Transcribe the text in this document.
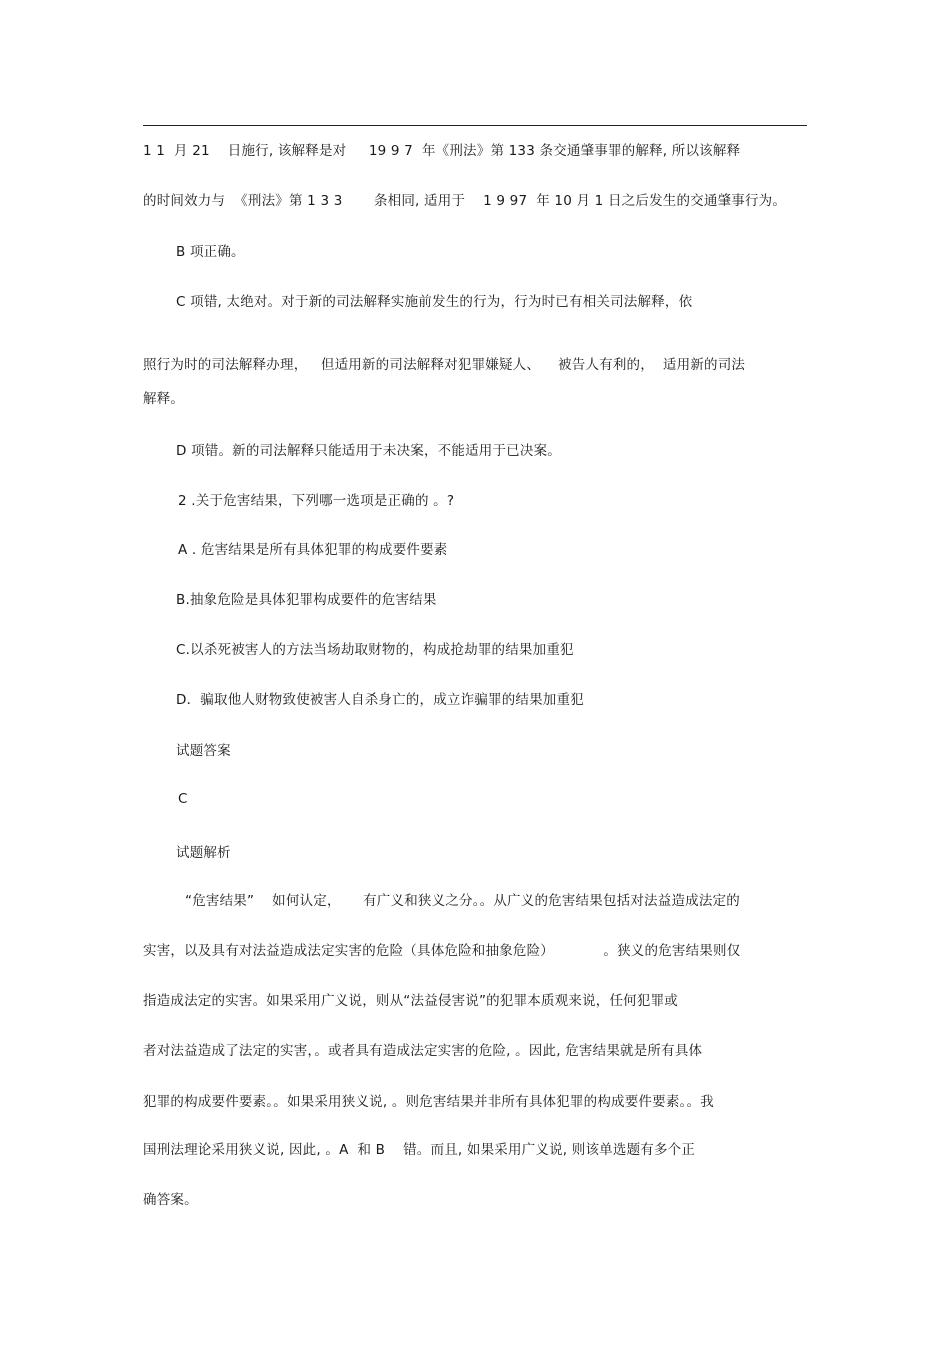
1 1  月 21    日施行, 该解释是对     19 9 7  年《刑法》第 133 条交通肇事罪的解释, 所以该解释
的时间效力与  《刑法》第 1 3 3       条相同, 适用于    1 9 97  年 10 月 1 日之后发生的交通肇事行为。
B 项正确。
C 项错, 太绝对。对于新的司法解释实施前发生的行为，行为时已有相关司法解释，依
照行为时的司法解释办理，   但适用新的司法解释对犯罪嫌疑人、    被告人有利的，  适用新的司法
解释。
D 项错。新的司法解释只能适用于未决案，不能适用于已决案。
2 .关于危害结果，下列哪一选项是正确的 。?
A . 危害结果是所有具体犯罪的构成要件要素
B.抽象危险是具体犯罪构成要件的危害结果
C.以杀死被害人的方法当场劫取财物的，构成抢劫罪的结果加重犯
D．骗取他人财物致使被害人自杀身亡的，成立诈骗罪的结果加重犯
试题答案
C
试题解析
“危害结果”    如何认定，     有广义和狭义之分。。从广义的危害结果包括对法益造成法定的
实害，以及具有对法益造成法定实害的危险（具体危险和抽象危险）           。狭义的危害结果则仅
指造成法定的实害。如果采用广义说，则从“法益侵害说”的犯罪本质观来说，任何犯罪或
者对法益造成了法定的实害，。或者具有造成法定实害的危险, 。因此, 危害结果就是所有具体
犯罪的构成要件要素。。如果采用狭义说, 。则危害结果并非所有具体犯罪的构成要件要素。。我
国刑法理论采用狭义说, 因此, 。A  和 B    错。而且, 如果采用广义说, 则该单选题有多个正
确答案。
